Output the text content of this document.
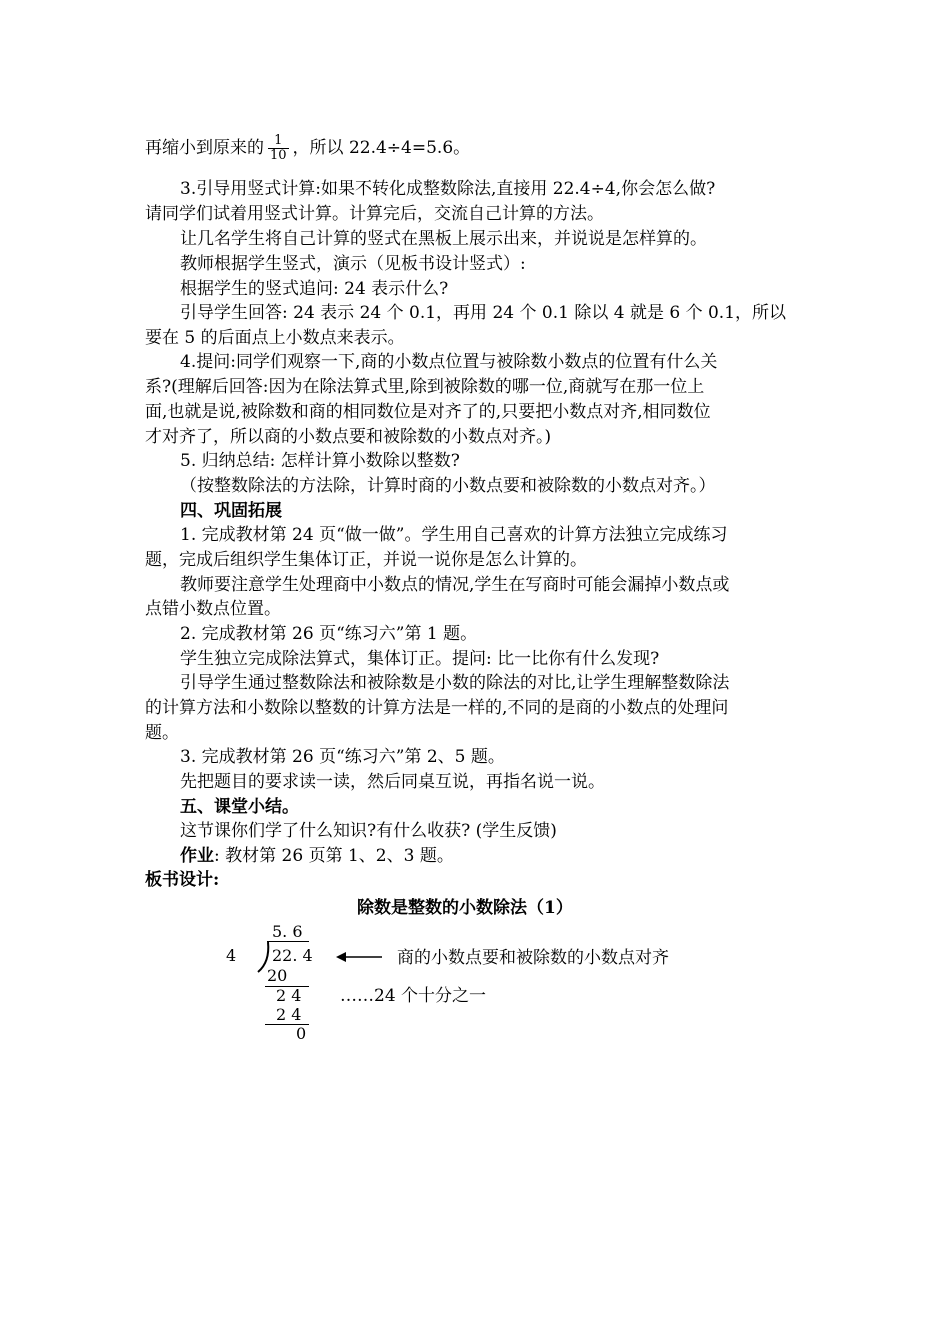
再缩小到原来的 $\frac{1}{10}$ ，所以 22.4÷4=5.6。
3.引导用竖式计算:如果不转化成整数除法,直接用 22.4÷4,你会怎么做?
请同学们试着用竖式计算。计算完后，交流自己计算的方法。
让几名学生将自己计算的竖式在黑板上展示出来，并说说是怎样算的。
教师根据学生竖式，演示（见板书设计竖式）:
根据学生的竖式追问: 24 表示什么?
引导学生回答: 24 表示 24 个 0.1，再用 24 个 0.1 除以 4 就是 6 个 0.1，所以
要在 5 的后面点上小数点来表示。
4.提问:同学们观察一下,商的小数点位置与被除数小数点的位置有什么关
系?(理解后回答:因为在除法算式里,除到被除数的哪一位,商就写在那一位上
面,也就是说,被除数和商的相同数位是对齐了的,只要把小数点对齐,相同数位
才对齐了，所以商的小数点要和被除数的小数点对齐。)
5. 归纳总结: 怎样计算小数除以整数?
（按整数除法的方法除，计算时商的小数点要和被除数的小数点对齐。）
四、巩固拓展
1. 完成教材第 24 页“做一做”。学生用自己喜欢的计算方法独立完成练习
题，完成后组织学生集体订正，并说一说你是怎么计算的。
教师要注意学生处理商中小数点的情况,学生在写商时可能会漏掉小数点或
点错小数点位置。
2. 完成教材第 26 页“练习六”第 1 题。
学生独立完成除法算式，集体订正。提问: 比一比你有什么发现?
引导学生通过整数除法和被除数是小数的除法的对比,让学生理解整数除法
的计算方法和小数除以整数的计算方法是一样的,不同的是商的小数点的处理问
题。
3. 完成教材第 26 页“练习六”第 2、5 题。
先把题目的要求读一读，然后同桌互说，再指名说一说。
五、课堂小结。
这节课你们学了什么知识?有什么收获? (学生反馈)
作业: 教材第 26 页第 1、2、3 题。
板书设计:
除数是整数的小数除法（1）
5. 6
4 22. 4
20
2 4
2 4
0
商的小数点要和被除数的小数点对齐
……24 个十分之一
